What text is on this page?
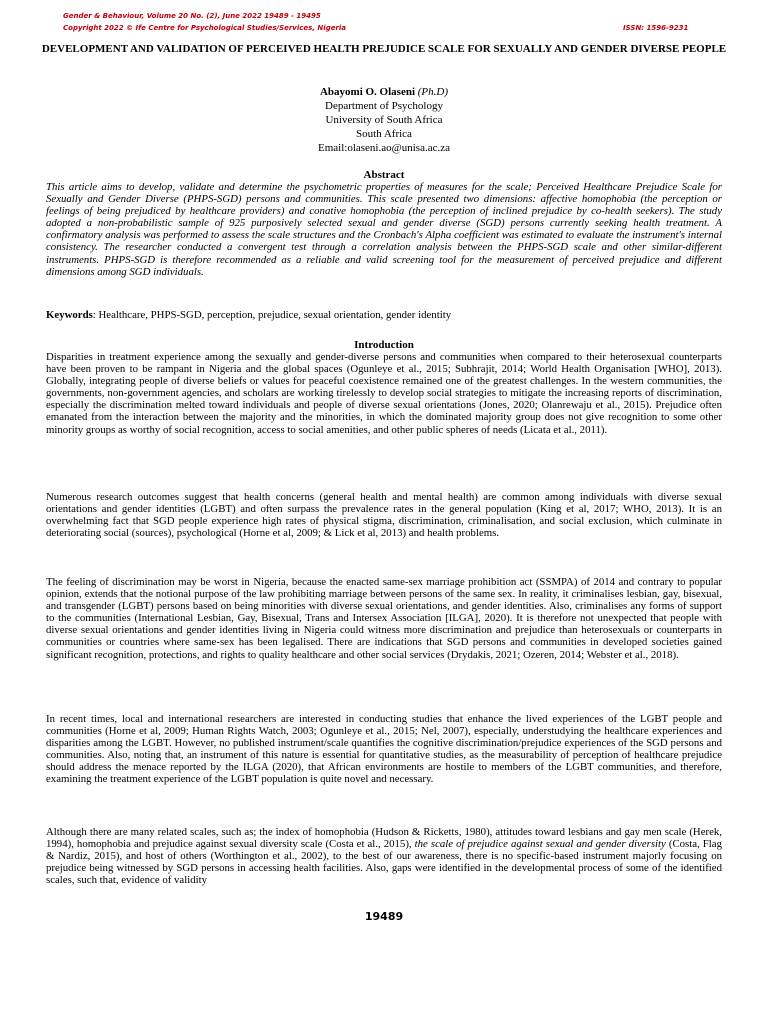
Gender & Behaviour, Volume 20 No. (2), June 2022 19489 - 19495
Copyright 2022 © Ife Centre for Psychological Studies/Services, Nigeria	ISSN: 1596-9231
DEVELOPMENT AND VALIDATION OF PERCEIVED HEALTH PREJUDICE SCALE FOR SEXUALLY AND GENDER DIVERSE PEOPLE
Abayomi O. Olaseni (Ph.D)
Department of Psychology
University of South Africa
South Africa
Email:olaseni.ao@unisa.ac.za
Abstract

This article aims to develop, validate and determine the psychometric properties of measures for the scale; Perceived Healthcare Prejudice Scale for Sexually and Gender Diverse (PHPS-SGD) persons and communities. This scale presented two dimensions: affective homophobia (the perception or feelings of being prejudiced by healthcare providers) and conative homophobia (the perception of inclined prejudice by co-health seekers). The study adopted a non-probabilistic sample of 925 purposively selected sexual and gender diverse (SGD) persons currently seeking health treatment. A confirmatory analysis was performed to assess the scale structures and the Cronbach's Alpha coefficient was estimated to evaluate the instrument's internal consistency. The researcher conducted a convergent test through a correlation analysis between the PHPS-SGD scale and other similar-different instruments. PHPS-SGD is therefore recommended as a reliable and valid screening tool for the measurement of perceived prejudice and different dimensions among SGD individuals.

Keywords: Healthcare, PHPS-SGD, perception, prejudice, sexual orientation, gender identity

Introduction

Disparities in treatment experience among the sexually and gender-diverse persons and communities when compared to their heterosexual counterparts have been proven to be rampant in Nigeria and the global spaces (Ogunleye et al., 2015; Subhrajit, 2014; World Health Organisation [WHO], 2013). Globally, integrating people of diverse beliefs or values for peaceful coexistence remained one of the greatest challenges. In the western communities, the governments, non-government agencies, and scholars are working tirelessly to develop social strategies to mitigate the increasing reports of discrimination, especially the discrimination melted toward individuals and people of diverse sexual orientations (Jones, 2020; Olanrewaju et al., 2015). Prejudice often emanated from the interaction between the majority and the minorities, in which the dominated majority group does not give recognition to some other minority groups as worthy of social recognition, access to social amenities, and other public spheres of needs (Licata et al., 2011).

Numerous research outcomes suggest that health concerns (general health and mental health) are common among individuals with diverse sexual orientations and gender identities (LGBT) and often surpass the prevalence rates in the general population (King et al, 2017; WHO, 2013). It is an overwhelming fact that SGD people experience high rates of physical stigma, discrimination, criminalisation, and social exclusion, which culminate in deteriorating social (sources), psychological (Horne et al, 2009; & Lick et al, 2013) and health problems.

The feeling of discrimination may be worst in Nigeria, because the enacted same-sex marriage prohibition act (SSMPA) of 2014 and contrary to popular opinion, extends that the notional purpose of the law prohibiting marriage between persons of the same sex. In reality, it criminalises lesbian, gay, bisexual, and transgender (LGBT) persons based on being minorities with diverse sexual orientations, and gender identities. Also, criminalises any forms of support to the communities (International Lesbian, Gay, Bisexual, Trans and Intersex Association [ILGA], 2020). It is therefore not unexpected that people with diverse sexual orientations and gender identities living in Nigeria could witness more discrimination and prejudice than heterosexuals or counterparts in communities or countries where same-sex has been legalised. There are indications that SGD persons and communities in developed societies gained significant recognition, protections, and rights to quality healthcare and other social services (Drydakis, 2021; Ozeren, 2014; Webster et al., 2018).

In recent times, local and international researchers are interested in conducting studies that enhance the lived experiences of the LGBT people and communities (Horne et al, 2009; Human Rights Watch, 2003; Ogunleye et al., 2015; Nel, 2007), especially, understudying the healthcare experiences and disparities among the LGBT. However, no published instrument/scale quantifies the cognitive discrimination/prejudice experiences of the SGD persons and communities. Also, noting that, an instrument of this nature is essential for quantitative studies, as the measurability of perception of healthcare prejudice should address the menace reported by the ILGA (2020), that African environments are hostile to members of the LGBT communities, and therefore, examining the treatment experience of the LGBT population is quite novel and necessary.

Although there are many related scales, such as; the index of homophobia (Hudson & Ricketts, 1980), attitudes toward lesbians and gay men scale (Herek, 1994), homophobia and prejudice against sexual diversity scale (Costa et al., 2015), the scale of prejudice against sexual and gender diversity (Costa, Flag & Nardiz, 2015), and host of others (Worthington et al., 2002), to the best of our awareness, there is no specific-based instrument majorly focusing on prejudice being witnessed by SGD persons in accessing health facilities. Also, gaps were identified in the developmental process of some of the identified scales, such that, evidence of validity

19489
